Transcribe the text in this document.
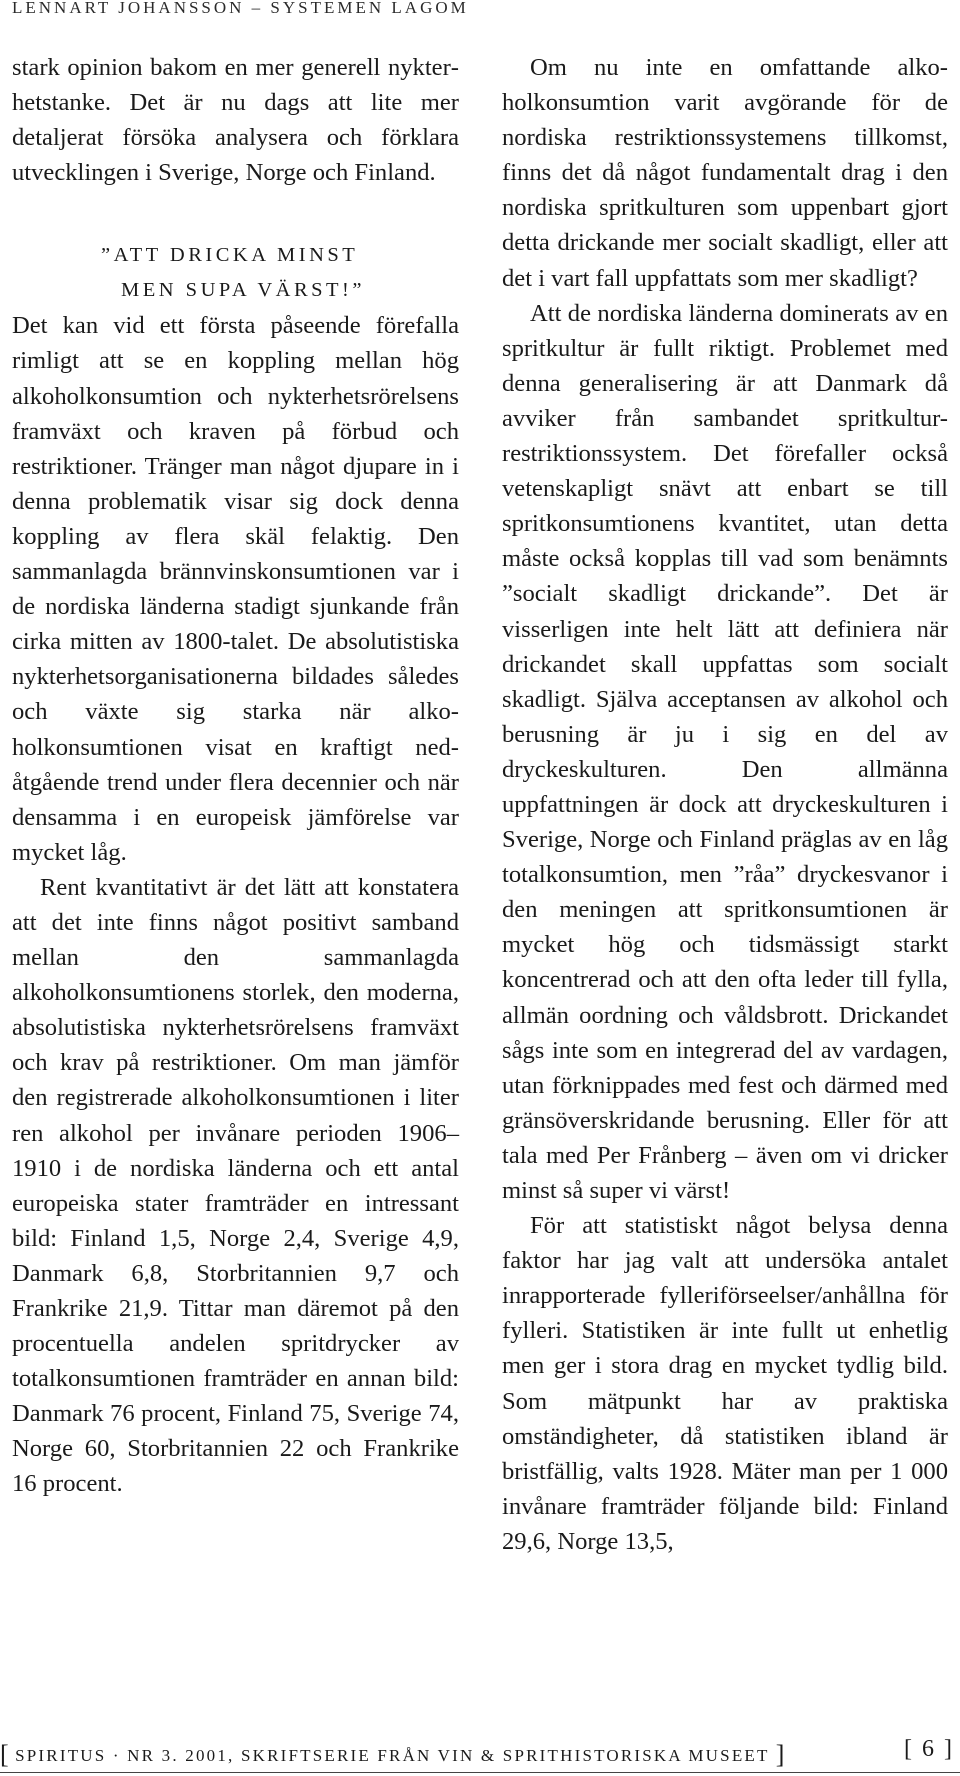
LENNART JOHANSSON – SYSTEMEN LAGOM

stark opinion bakom en mer generell nykterhetstanke. Det är nu dags att lite mer detaljerat försöka analysera och förklara utvecklingen i Sverige, Norge och Finland.

”ATT DRICKA MINST
MEN SUPA VÄRST!”

Det kan vid ett första påseende förefalla rimligt att se en koppling mellan hög alkoholkonsumtion och nykterhetsrörelsens framväxt och kraven på förbud och restriktioner. Tränger man något djupare in i denna problematik visar sig dock denna koppling av flera skäl felaktig. Den sammanlagda brännvinskonsumtionen var i de nordiska länderna stadigt sjunkande från cirka mitten av 1800-talet. De absolutistiska nykterhetsorganisationerna bildades således och växte sig starka när alkoholkonsumtionen visat en kraftigt nedåtgående trend under flera decennier och när densamma i en europeisk jämförelse var mycket låg.

Rent kvantitativt är det lätt att konstatera att det inte finns något positivt samband mellan den sammanlagda alkoholkonsumtionens storlek, den moderna, absolutistiska nykterhetsrörelsens framväxt och krav på restriktioner. Om man jämför den registrerade alkoholkonsumtionen i liter ren alkohol per invånare perioden 1906– 1910 i de nordiska länderna och ett antal europeiska stater framträder en intressant bild: Finland 1,5, Norge 2,4, Sverige 4,9, Danmark 6,8, Storbritannien 9,7 och Frankrike 21,9. Tittar man däremot på den procentuella andelen spritdrycker av totalkonsumtionen framträder en annan bild: Danmark 76 procent, Finland 75, Sverige 74, Norge 60, Storbritannien 22 och Frankrike 16 procent.

Om nu inte en omfattande alkoholkonsumtion varit avgörande för de nordiska restriktionssystemens tillkomst, finns det då något fundamentalt drag i den nordiska spritkulturen som uppenbart gjort detta drickande mer socialt skadligt, eller att det i vart fall uppfattats som mer skadligt?

Att de nordiska länderna dominerats av en spritkultur är fullt riktigt. Problemet med denna generalisering är att Danmark då avviker från sambandet spritkultur-restriktionssystem. Det förefaller också vetenskapligt snävt att enbart se till spritkonsumtionens kvantitet, utan detta måste också kopplas till vad som benämnts ”socialt skadligt drickande”. Det är visserligen inte helt lätt att definiera när drickandet skall uppfattas som socialt skadligt. Själva acceptansen av alkohol och berusning är ju i sig en del av dryckeskulturen. Den allmänna uppfattningen är dock att dryckeskulturen i Sverige, Norge och Finland präglas av en låg totalkonsumtion, men ”råa” dryckesvanor i den meningen att spritkonsumtionen är mycket hög och tidsmässigt starkt koncentrerad och att den ofta leder till fylla, allmän oordning och våldsbrott. Drickandet sågs inte som en integrerad del av vardagen, utan förknippades med fest och därmed med gränsöverskridande berusning. Eller för att tala med Per Frånberg – även om vi dricker minst så super vi värst!

För att statistiskt något belysa denna faktor har jag valt att undersöka antalet inrapporterade fylleriförseelser/anhållna för fylleri. Statistiken är inte fullt ut enhetlig men ger i stora drag en mycket tydlig bild. Som mätpunkt har av praktiska omständigheter, då statistiken ibland är bristfällig, valts 1928. Mäter man per 1 000 invånare framträder följande bild: Finland 29,6, Norge 13,5,

[ SPIRITUS · NR 3. 2001, SKRIFTSERIE FRÅN VIN & SPRITHISTORISKA MUSEET ]	[ 6 ]
